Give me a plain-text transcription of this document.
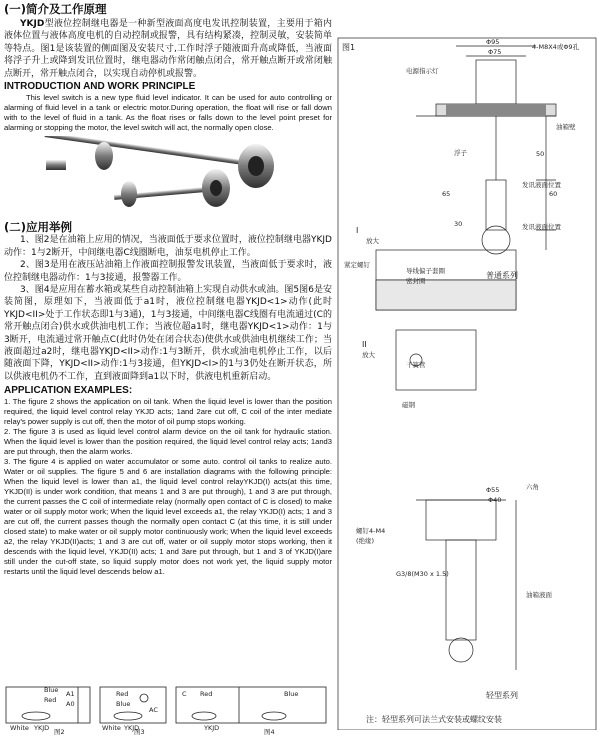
(一)简介及工作原理
YKJD型液位控制继电器是一种新型液面高度电发讯控制装置，主要用于箱内液体位置与液体高度电机的自动控制或报警，具有结构紧凑，控制灵敏，安装简单等特点。图1是该装置的侧面图及安装尺寸,工作时浮子随液面升高或降低，当液面将浮子升上或降到发讯位置时，继电器动作常闭触点闭合，常开触点断开或常闭触点断开，常开触点闭合，以实现自动停机或报警。
INTRODUCTION AND WORK PRINCIPLE
This level switch is a new type fluid level indicator. It can be used for auto controlling or alarming of fluid level in a tank or electric motor.During operation, the float will rise or fall down with to the level of fluid in a tank. As the float rises or falls down to the level point preset for alarming or stopping the motor, the level switch will act, the normally open close.
(二)应用举例
1、图2是在油箱上应用的情况，当液面低于要求位置时，液位控制继电器YKJD动作：1与2断开，中间继电器C线圈断电，油泵电机停止工作。
2、图3是用在液压站油箱上作液面控制报警发讯装置，当液面低于要求时，液位控制继电器动作：1与3接通，报警器工作。
3、图4是应用在蓄水箱或某些自动控制油箱上实现自动供水或油。图5图6是安装简图，原理如下，当液面低于a1时，液位控制继电器YKJD<1>动作(此时YKJD<II>处于工作状态即1与3通)，1与3接通，中间继电器C线圈有电流通过(C的常开触点闭合)供水或供油电机工作；当液位超a1时，继电器YKJD<1>动作：1与3断开，电流通过常开触点C(此时仍处在闭合状态)使供水或供油电机继续工作；当液面超过a2时，继电器YKJD<II>动作:1与3断开，供水或油电机停止工作，以后随液面下降，YKJD<II>动作:1与3接通，但YKJD<I>的1与3仍处在断开状态，所以供液电机仍不工作，直到液面降到a1以下时，供液电机重新启动。
APPLICATION EXAMPLES:
1. The figure 2 shows the application on oil tank. When the liquid level is lower than the position required, the liquid level control relay YKJD acts; 1and 2are cut off, C coil of the inter mediate relay's power supply is cut off, then the motor of oil pump stops working.
2. The figure 3 is used as liquid level control alarm device on the oil tank for hydraulic station. When the liquid level is lower than the position required, the liquid level control relay acts; 1and3 are put through, then the alarm works.
3. The figure 4 is applied on water accumulator or some auto. control oil tanks to realize auto. Water or oil supplies. The figure 5 and 6 are installation diagrams with the following principle: When the liquid level is lower than a1, the liquid level control relayYKJD(I) acts(at this time, YKJD(II) is under work condition, that means 1 and 3 are put through), 1 and 3 are put through, the current passes the C coil of intermediate relay (normally open contact of C is closed) to make water or oil supply motor work; When the liquid level exceeds a1, the relay YKJD(I) acts; 1 and 3 are cut off, the current passes though the normally open contact C (at this time, it is still under closed state) to make water or oil supply motor continuously work; When the liquid level exceeds a2, the relay YKJD(II)acts; 1 and 3 are cut off, water or oil supply motor stops working, then it descends with the liquid level, YKJD(II) acts; 1 and 3are put through, but 1 and 3 of YKJD(I)are still under the cut-off state, so liquid supply motor does not work yet, the liquid supply motor restarts until the liquid level descends below a1.
A1
A0
White YKJD
Blue
Red
图2
Red
Blue
White YKJD
AC
图3
C Red	Blue
YKJD	图4
图1
Φ95
Φ75
4-M8X4或Φ9孔
电源指示灯
油箱壁
浮子
发讯液面位置
发讯液面位置
50
60
65
30
I
放大
紧定螺钉
导线偏子套圈
密封圈
普通系列
II
放大
干簧管
磁钢
Φ55
Φ40
六角
螺钉4-M4
(绝缘)
G3/8(M30 x 1.5)
油箱液面
轻型系列
注：轻型系列可法兰式安装或螺纹安装
